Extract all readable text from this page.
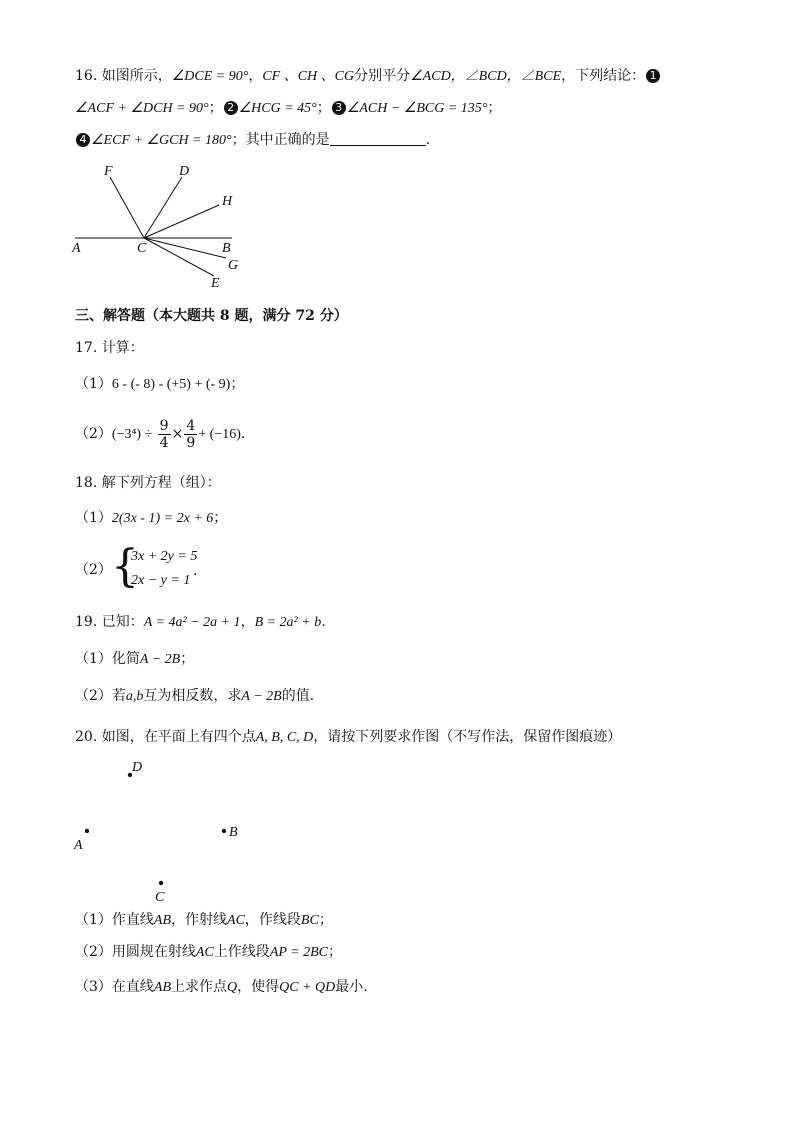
16. 如图所示，∠DCE = 90°，CF 、CH 、CG分别平分∠ACD，∠BCD，∠BCE，下列结论： 1
∠ACF + ∠DCH = 90°； 2 ∠HCG = 45°； 3 ∠ACH − ∠BCG = 135°；
4 ∠ECF + ∠GCH = 180°；其中正确的是	.
F	D
H
A	C	B
G
E
D
A
B
C
三、解答题（本大题共 8 题，满分 72 分）
17. 计算：
（1）6 - (- 8) - (+5) + (- 9)；
$(2)(-3^4) \div \frac{9}{4} \times \frac{4}{9} + (-16)$.
18. 解下列方程（组）：
（1）2(3x - 1) = 2x + 6；
（2） {
3x + 2y = 5
2x − y = 1
.
19. 已知：A = 4a² − 2a + 1，B = 2a² + b.
（1）化简A − 2B；
（2）若a,b互为相反数，求A − 2B的值.
20. 如图，在平面上有四个点A, B, C, D，请按下列要求作图（不写作法，保留作图痕迹）
（1）作直线AB，作射线AC，作线段BC；
（2）用圆规在射线AC上作线段AP = 2BC；
（3）在直线AB上求作点Q，使得QC + QD最小.
